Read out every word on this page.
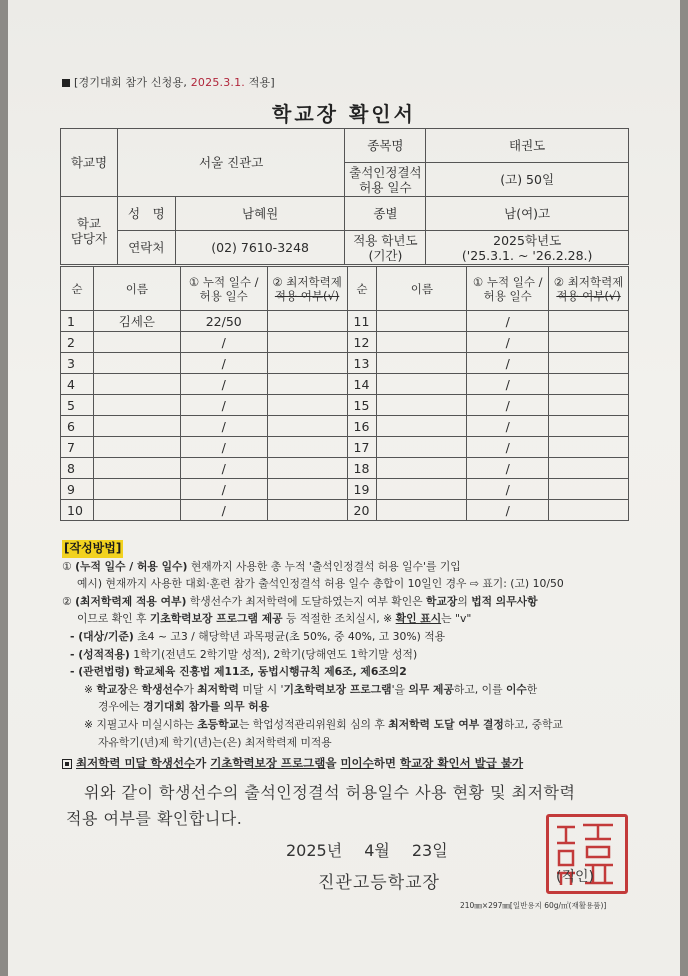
[경기대회 참가 신청용, 2025.3.1. 적용]
학교장 확인서
학교명	서울 진관고		종목명	태권도
			출석인정결석
허용 일수	(고) 50일
학교
담당자	성　명	남혜원	종별	남(여)고
	연락처	(02) 7610-3248	적용 학년도
(기간)	2025학년도
('25.3.1. ~ '26.2.28.)
순	이름	① 누적 일수 /
허용 일수	② 최저학력제
적용 여부(√)	순	이름	① 누적 일수 /
허용 일수	② 최저학력제
적용 여부(√)
1	김세은	22/50		11		/	
2		/		12		/	
3		/		13		/	
4		/		14		/	
5		/		15		/	
6		/		16		/	
7		/		17		/	
8		/		18		/	
9		/		19		/	
10		/		20		/	
[작성방법]
① (누적 일수 / 허용 일수) 현재까지 사용한 총 누적 '출석인정결석 허용 일수'를 기입
예시) 현재까지 사용한 대회·훈련 참가 출석인정결석 허용 일수 총합이 10일인 경우 ⇨ 표기: (고) 10/50
② (최저학력제 적용 여부) 학생선수가 최저학력에 도달하였는지 여부 확인은 학교장의 법적 의무사항
이므로 확인 후 기초학력보장 프로그램 제공 등 적절한 조치실시, ※ 확인 표시는 "v"
- (대상/기준) 초4 ~ 고3 / 해당학년 과목평균(초 50%, 중 40%, 고 30%) 적용
- (성적적용) 1학기(전년도 2학기말 성적), 2학기(당해연도 1학기말 성적)
- (관련법령) 학교체육 진흥법 제11조, 동법시행규칙 제6조, 제6조의2
※ 학교장은 학생선수가 최저학력 미달 시 '기초학력보장 프로그램'을 의무 제공하고, 이를 이수한
경우에는 경기대회 참가를 의무 허용
※ 지필고사 미실시하는 초등학교는 학업성적관리위원회 심의 후 최저학력 도달 여부 결정하고, 중학교
자유학기(년)제 학기(년)는(은) 최저학력제 미적용
최저학력 미달 학생선수가 기초학력보장 프로그램을 미이수하면 학교장 확인서 발급 불가
위와 같이 학생선수의 출석인정결석 허용일수 사용 현황 및 최저학력
적용 여부를 확인합니다.
2025년 4월 23일
진관고등학교장	(직인)
210㎜×297㎜[일반용지 60g/㎡(재활용품)]
